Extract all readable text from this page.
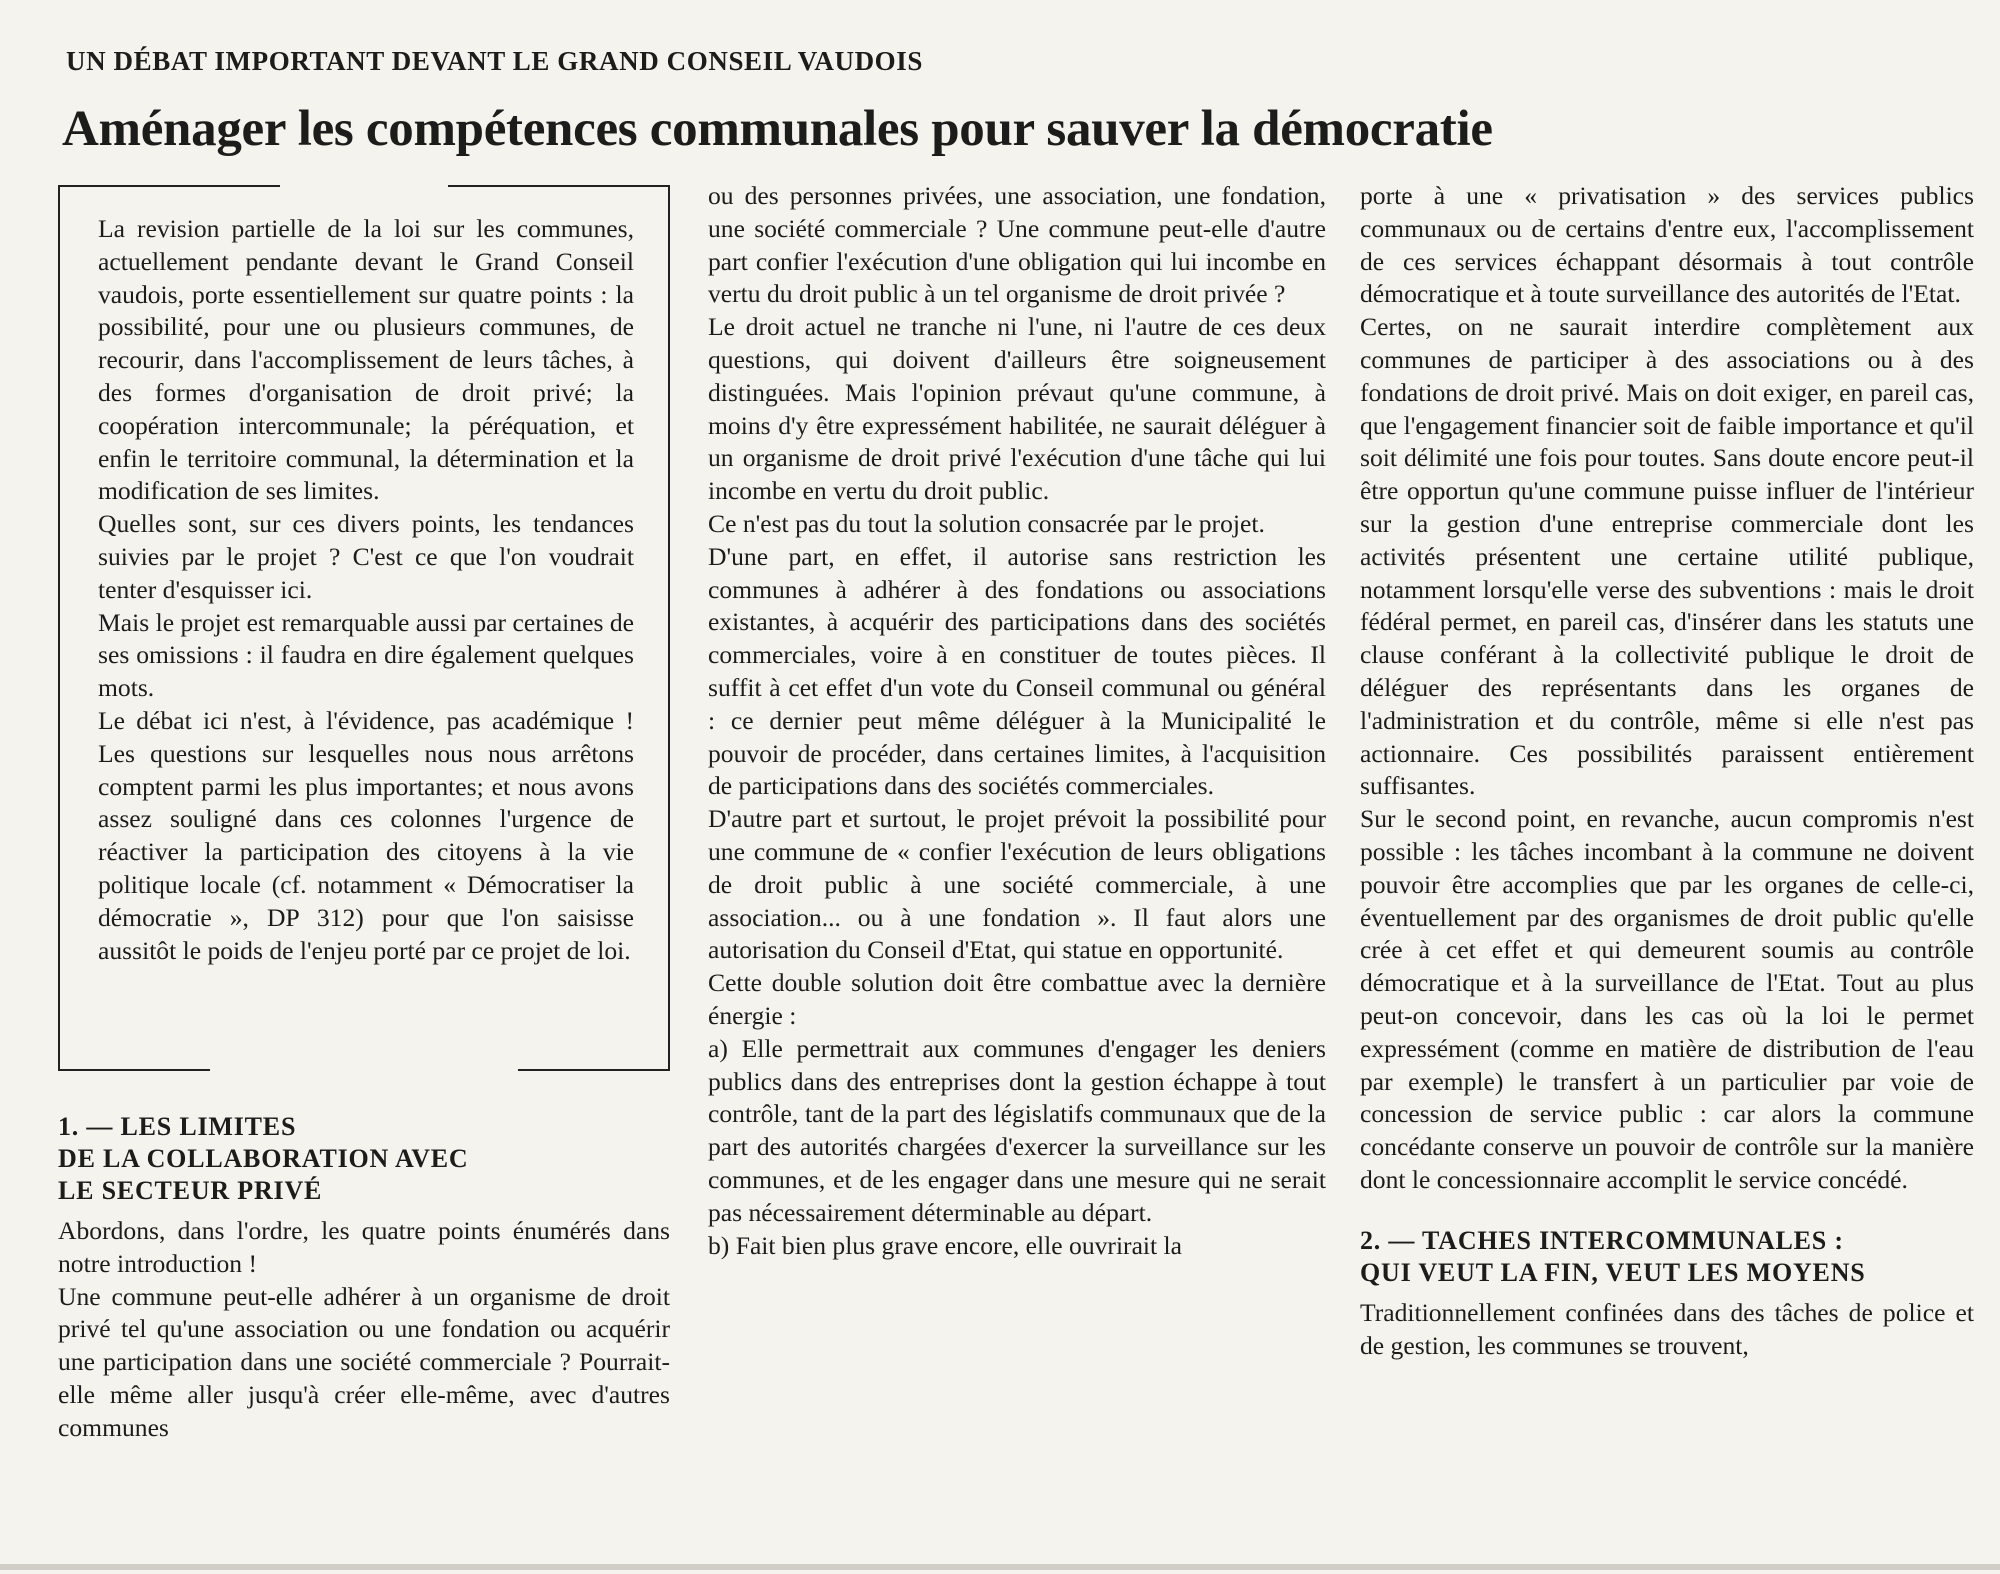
UN DÉBAT IMPORTANT DEVANT LE GRAND CONSEIL VAUDOIS
Aménager les compétences communales pour sauver la démocratie

La revision partielle de la loi sur les communes, actuellement pendante devant le Grand Conseil vaudois, porte essentiellement sur quatre points : la possibilité, pour une ou plusieurs communes, de recourir, dans l'accomplissement de leurs tâches, à des formes d'organisation de droit privé; la coopération intercommunale; la péréquation, et enfin le territoire communal, la détermination et la modification de ses limites.

Quelles sont, sur ces divers points, les tendances suivies par le projet ? C'est ce que l'on voudrait tenter d'esquisser ici.

Mais le projet est remarquable aussi par certaines de ses omissions : il faudra en dire également quelques mots.

Le débat ici n'est, à l'évidence, pas académique ! Les questions sur lesquelles nous nous arrêtons comptent parmi les plus importantes; et nous avons assez souligné dans ces colonnes l'urgence de réactiver la participation des citoyens à la vie politique locale (cf. notamment « Démocratiser la démocratie », DP 312) pour que l'on saisisse aussitôt le poids de l'enjeu porté par ce projet de loi.

1. — LES LIMITES
DE LA COLLABORATION AVEC
LE SECTEUR PRIVÉ

Abordons, dans l'ordre, les quatre points énumérés dans notre introduction !

Une commune peut-elle adhérer à un organisme de droit privé tel qu'une association ou une fondation ou acquérir une participation dans une société commerciale ? Pourrait-elle même aller jusqu'à créer elle-même, avec d'autres communes

ou des personnes privées, une association, une fondation, une société commerciale ? Une commune peut-elle d'autre part confier l'exécution d'une obligation qui lui incombe en vertu du droit public à un tel organisme de droit privée ?

Le droit actuel ne tranche ni l'une, ni l'autre de ces deux questions, qui doivent d'ailleurs être soigneusement distinguées. Mais l'opinion prévaut qu'une commune, à moins d'y être expressément habilitée, ne saurait déléguer à un organisme de droit privé l'exécution d'une tâche qui lui incombe en vertu du droit public.

Ce n'est pas du tout la solution consacrée par le projet.

D'une part, en effet, il autorise sans restriction les communes à adhérer à des fondations ou associations existantes, à acquérir des participations dans des sociétés commerciales, voire à en constituer de toutes pièces. Il suffit à cet effet d'un vote du Conseil communal ou général : ce dernier peut même déléguer à la Municipalité le pouvoir de procéder, dans certaines limites, à l'acquisition de participations dans des sociétés commerciales.

D'autre part et surtout, le projet prévoit la possibilité pour une commune de « confier l'exécution de leurs obligations de droit public à une société commerciale, à une association... ou à une fondation ». Il faut alors une autorisation du Conseil d'Etat, qui statue en opportunité.

Cette double solution doit être combattue avec la dernière énergie :

a) Elle permettrait aux communes d'engager les deniers publics dans des entreprises dont la gestion échappe à tout contrôle, tant de la part des législatifs communaux que de la part des autorités chargées d'exercer la surveillance sur les communes, et de les engager dans une mesure qui ne serait pas nécessairement déterminable au départ.

b) Fait bien plus grave encore, elle ouvrirait la

porte à une « privatisation » des services publics communaux ou de certains d'entre eux, l'accomplissement de ces services échappant désormais à tout contrôle démocratique et à toute surveillance des autorités de l'Etat.

Certes, on ne saurait interdire complètement aux communes de participer à des associations ou à des fondations de droit privé. Mais on doit exiger, en pareil cas, que l'engagement financier soit de faible importance et qu'il soit délimité une fois pour toutes. Sans doute encore peut-il être opportun qu'une commune puisse influer de l'intérieur sur la gestion d'une entreprise commerciale dont les activités présentent une certaine utilité publique, notamment lorsqu'elle verse des subventions : mais le droit fédéral permet, en pareil cas, d'insérer dans les statuts une clause conférant à la collectivité publique le droit de déléguer des représentants dans les organes de l'administration et du contrôle, même si elle n'est pas actionnaire. Ces possibilités paraissent entièrement suffisantes.

Sur le second point, en revanche, aucun compromis n'est possible : les tâches incombant à la commune ne doivent pouvoir être accomplies que par les organes de celle-ci, éventuellement par des organismes de droit public qu'elle crée à cet effet et qui demeurent soumis au contrôle démocratique et à la surveillance de l'Etat. Tout au plus peut-on concevoir, dans les cas où la loi le permet expressément (comme en matière de distribution de l'eau par exemple) le transfert à un particulier par voie de concession de service public : car alors la commune concédante conserve un pouvoir de contrôle sur la manière dont le concessionnaire accomplit le service concédé.

2. — TACHES INTERCOMMUNALES :
QUI VEUT LA FIN, VEUT LES MOYENS

Traditionnellement confinées dans des tâches de police et de gestion, les communes se trouvent,
